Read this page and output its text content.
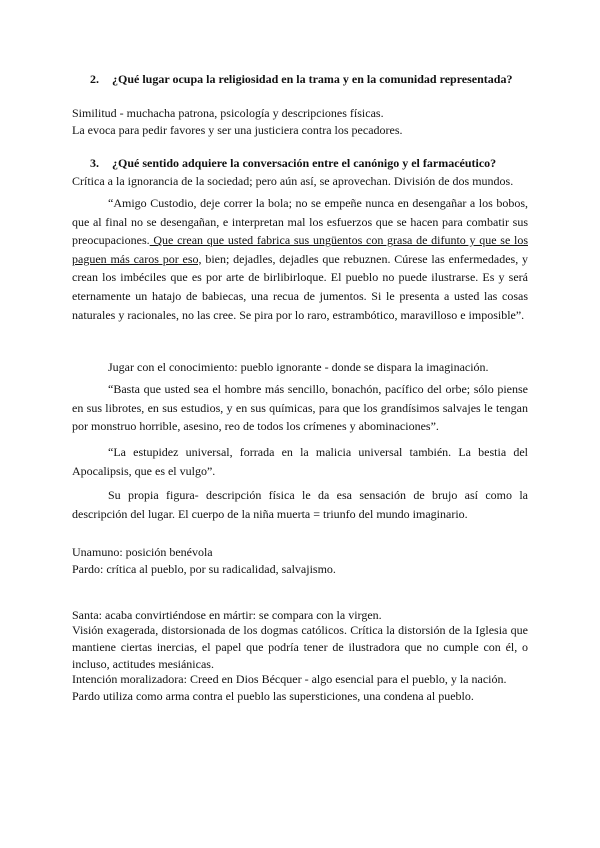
2. ¿Qué lugar ocupa la religiosidad en la trama y en la comunidad representada?

Similitud - muchacha patrona, psicología y descripciones físicas.

La evoca para pedir favores y ser una justiciera contra los pecadores.

3. ¿Qué sentido adquiere la conversación entre el canónigo y el farmacéutico?

Crítica a la ignorancia de la sociedad; pero aún así, se aprovechan. División de dos mundos.

“Amigo Custodio, deje correr la bola; no se empeñe nunca en desengañar a los bobos, que al final no se desengañan, e interpretan mal los esfuerzos que se hacen para combatir sus preocupaciones. Que crean que usted fabrica sus ungüentos con grasa de difunto y que se los paguen más caros por eso, bien; dejadles, dejadles que rebuznen. Cúrese las enfermedades, y crean los imbéciles que es por arte de birlibirloque. El pueblo no puede ilustrarse. Es y será eternamente un hatajo de babiecas, una recua de jumentos. Si le presenta a usted las cosas naturales y racionales, no las cree. Se pira por lo raro, estrambótico, maravilloso e imposible”.

Jugar con el conocimiento: pueblo ignorante - donde se dispara la imaginación.

“Basta que usted sea el hombre más sencillo, bonachón, pacífico del orbe; sólo piense en sus librotes, en sus estudios, y en sus químicas, para que los grandísimos salvajes le tengan por monstruo horrible, asesino, reo de todos los crímenes y abominaciones”.

“La estupidez universal, forrada en la malicia universal también. La bestia del Apocalipsis, que es el vulgo”.

Su propia figura- descripción física le da esa sensación de brujo así como la descripción del lugar. El cuerpo de la niña muerta = triunfo del mundo imaginario.

Unamuno: posición benévola

Pardo: crítica al pueblo, por su radicalidad, salvajismo.

Santa: acaba convirtiéndose en mártir: se compara con la virgen.

Visión exagerada, distorsionada de los dogmas católicos. Crítica la distorsión de la Iglesia que mantiene ciertas inercias, el papel que podría tener de ilustradora que no cumple con él, o incluso, actitudes mesiánicas.

Intención moralizadora: Creed en Dios Bécquer - algo esencial para el pueblo, y la nación.

Pardo utiliza como arma contra el pueblo las supersticiones, una condena al pueblo.
